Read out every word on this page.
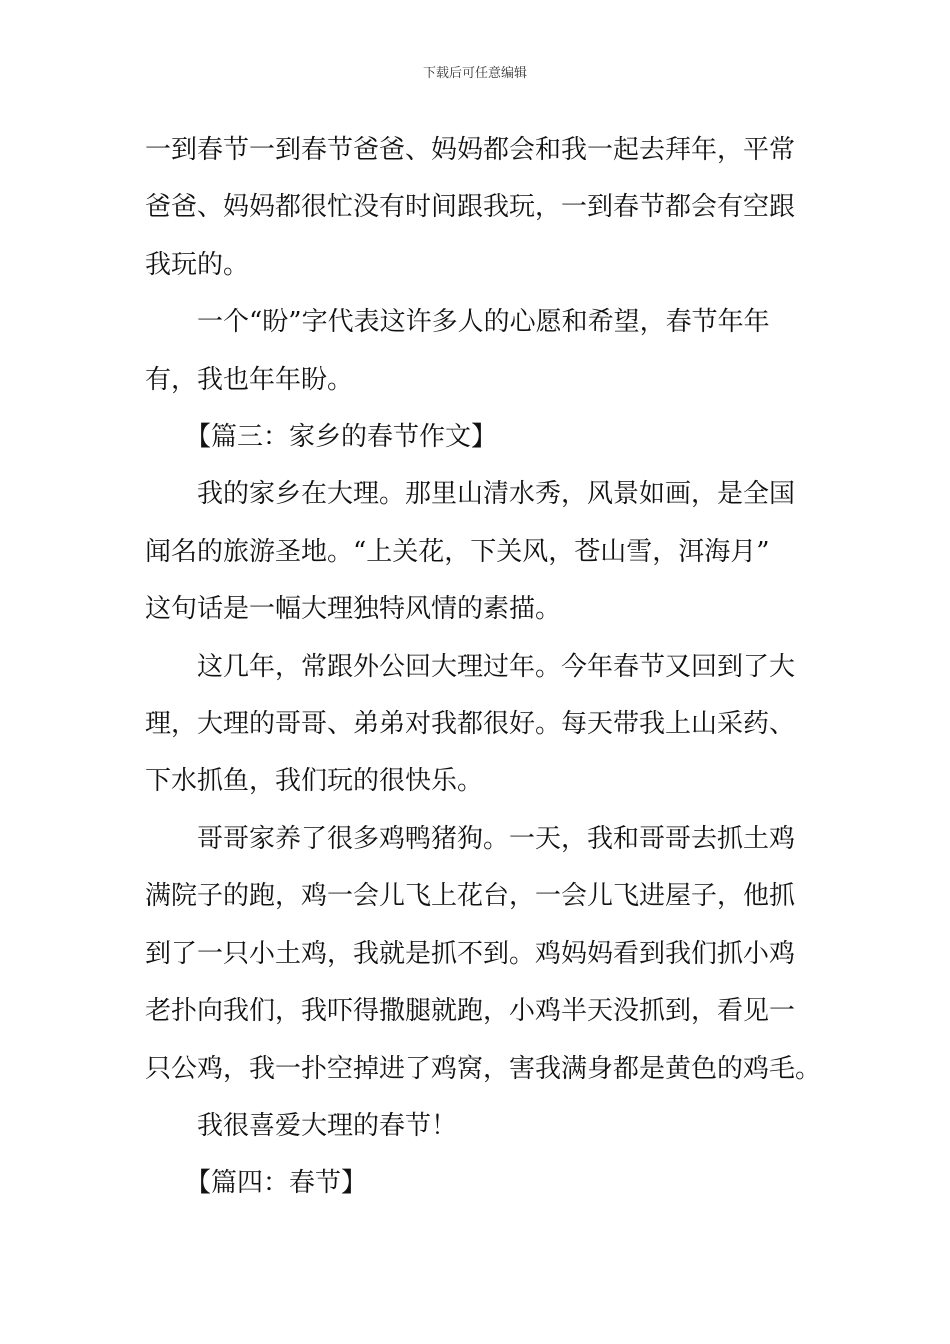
下载后可任意编辑

一到春节一到春节爸爸、妈妈都会和我一起去拜年，平常
爸爸、妈妈都很忙没有时间跟我玩，一到春节都会有空跟
我玩的。

一个“盼”字代表这许多人的心愿和希望，春节年年
有，我也年年盼。

【篇三：家乡的春节作文】

我的家乡在大理。那里山清水秀，风景如画，是全国
闻名的旅游圣地。“上关花，下关风，苍山雪，洱海月”
这句话是一幅大理独特风情的素描。

这几年，常跟外公回大理过年。今年春节又回到了大
理，大理的哥哥、弟弟对我都很好。每天带我上山采药、
下水抓鱼，我们玩的很快乐。

哥哥家养了很多鸡鸭猪狗。一天，我和哥哥去抓土鸡
满院子的跑，鸡一会儿飞上花台，一会儿飞进屋子，他抓
到了一只小土鸡，我就是抓不到。鸡妈妈看到我们抓小鸡
老扑向我们，我吓得撒腿就跑，小鸡半天没抓到，看见一
只公鸡，我一扑空掉进了鸡窝，害我满身都是黄色的鸡毛。

我很喜爱大理的春节！

【篇四：春节】
